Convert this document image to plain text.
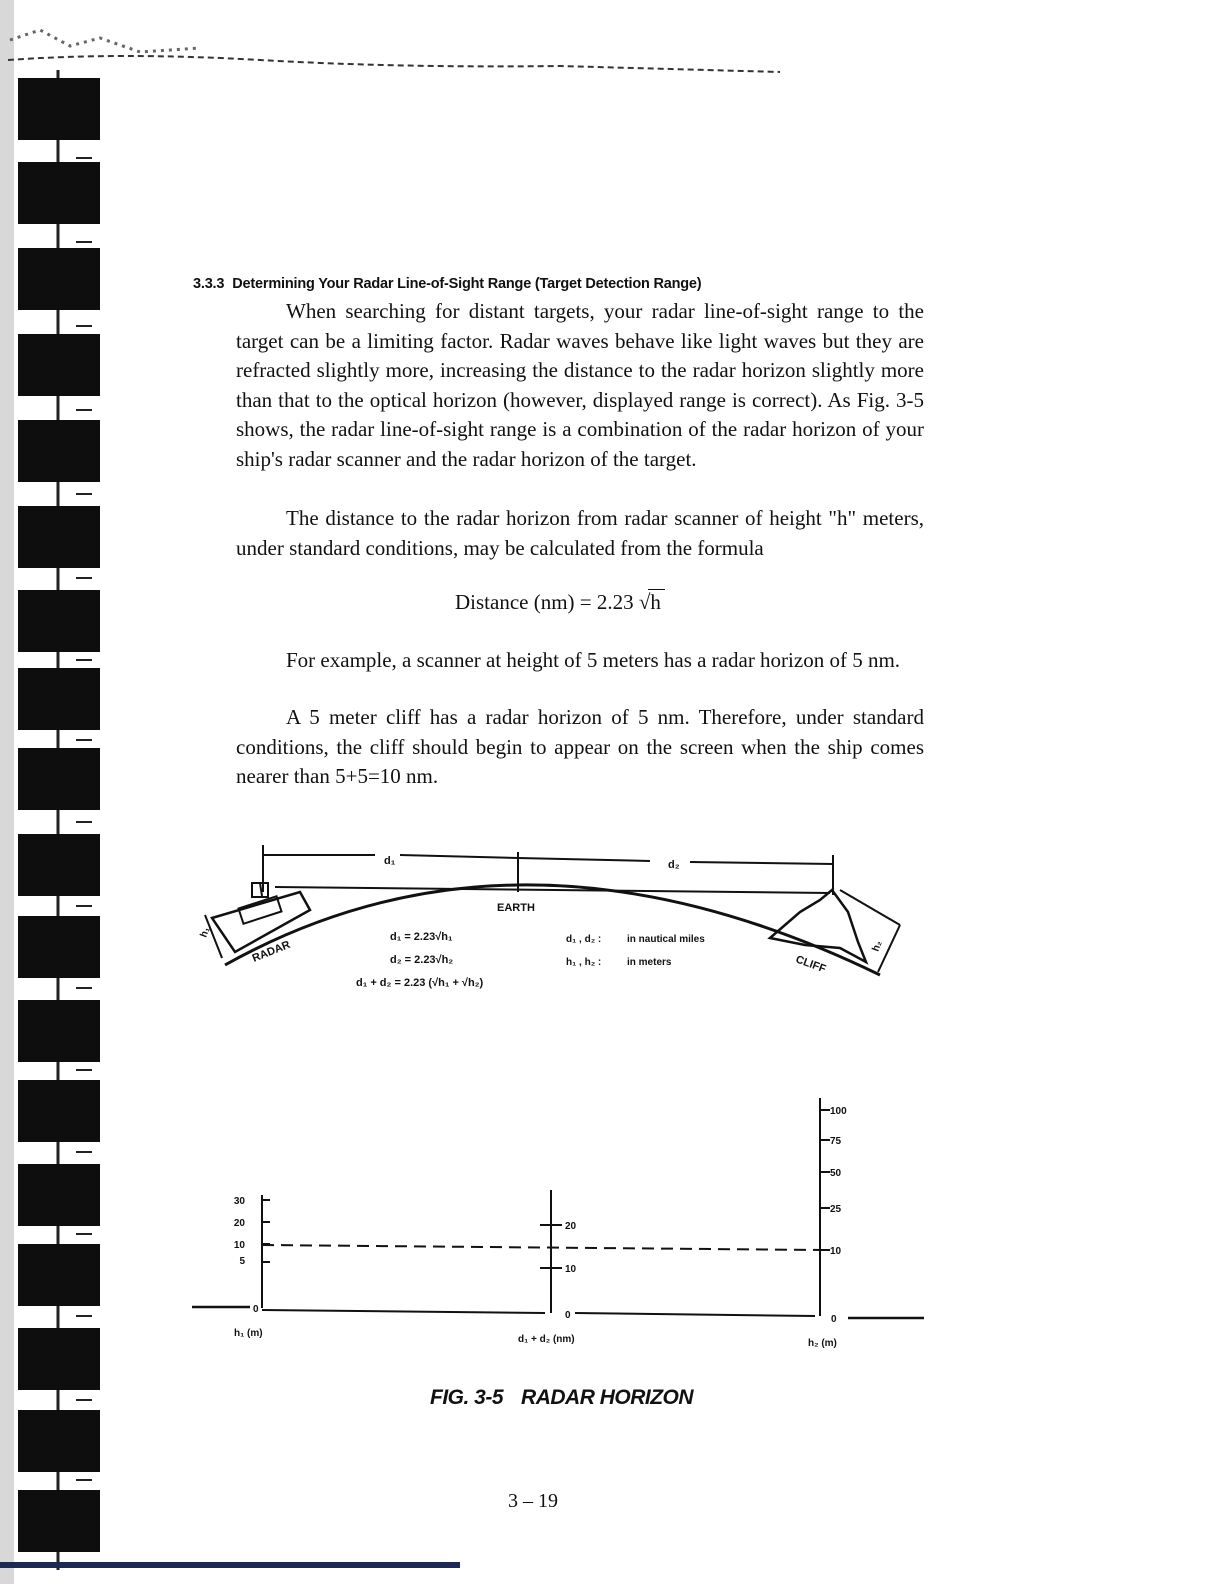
3.3.3 Determining Your Radar Line-of-Sight Range (Target Detection Range)

When searching for distant targets, your radar line-of-sight range to the target can be a limiting factor. Radar waves behave like light waves but they are refracted slightly more, increasing the distance to the radar horizon slightly more than that to the optical horizon (however, displayed range is correct). As Fig. 3-5 shows, the radar line-of-sight range is a combination of the radar horizon of your ship's radar scanner and the radar horizon of the target.

The distance to the radar horizon from radar scanner of height "h" meters, under standard conditions, may be calculated from the formula

Distance (nm) = 2.23 √h

For example, a scanner at height of 5 meters has a radar horizon of 5 nm.

A 5 meter cliff has a radar horizon of 5 nm. Therefore, under standard conditions, the cliff should begin to appear on the screen when the ship comes nearer than 5+5=10 nm.

d₁	d₂
EARTH
RADAR	CLIFF
h₁
h₂
d₁ = 2.23√h₁
d₂ = 2.23√h₂
d₁ + d₂ = 2.23 (√h₁ + √h₂)
d₁ , d₂ :	in nautical miles
h₁ , h₂ :	in meters
30
20
10
5
0
h₁ (m)
20
10
0
d₁ + d₂ (nm)
100
75
50
25
10
0
h₂ (m)
FIG. 3-5 RADAR HORIZON
3 – 19
